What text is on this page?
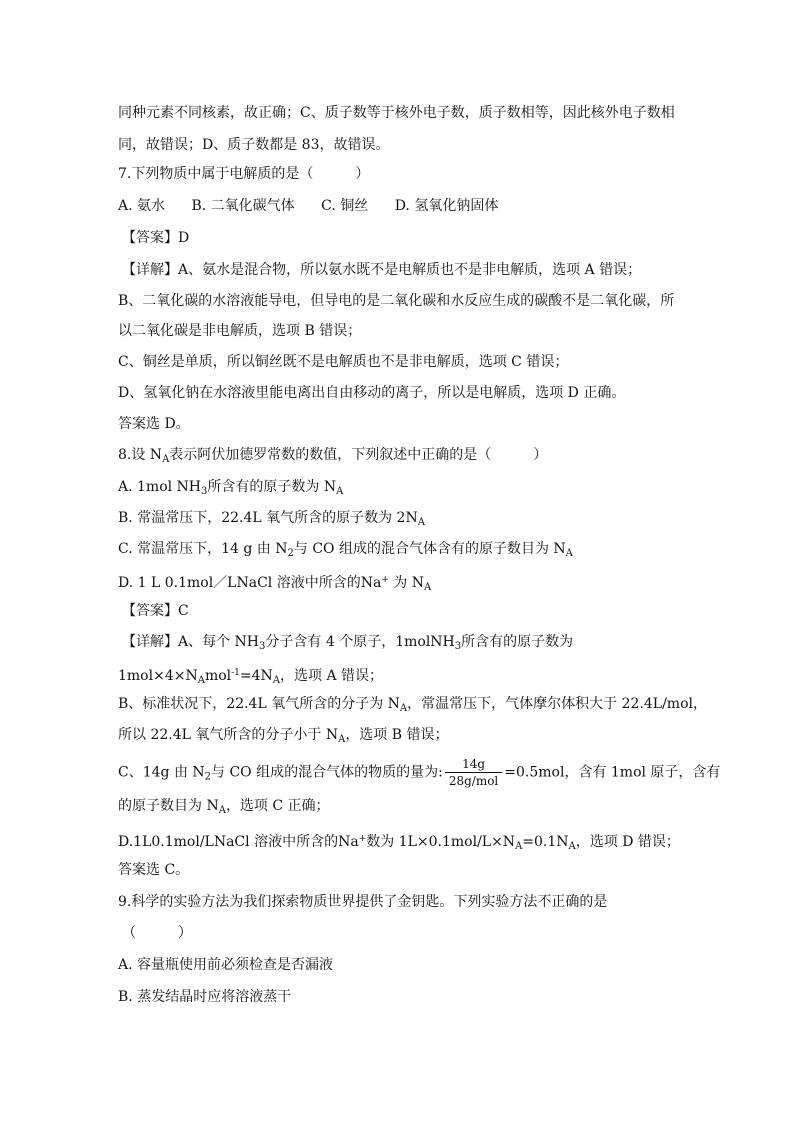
同种元素不同核素，故正确；C、质子数等于核外电子数，质子数相等，因此核外电子数相
同，故错误；D、质子数都是 83，故错误。
7.下列物质中属于电解质的是（　　　）
A. 氨水 B. 二氧化碳气体 C. 铜丝 D. 氢氧化钠固体
【答案】D
【详解】A、氨水是混合物，所以氨水既不是电解质也不是非电解质，选项 A 错误；
B、二氧化碳的水溶液能导电，但导电的是二氧化碳和水反应生成的碳酸不是二氧化碳，所
以二氧化碳是非电解质，选项 B 错误；
C、铜丝是单质，所以铜丝既不是电解质也不是非电解质，选项 C 错误；
D、氢氧化钠在水溶液里能电离出自由移动的离子，所以是电解质，选项 D 正确。
答案选 D。
8.设 $N_A$表示阿伏加德罗常数的数值，下列叙述中正确的是（　　　）
A. 1mol $NH_3$所含有的原子数为 $N_A$
B. 常温常压下，22.4L 氧气所含的原子数为 $2N_A$
C. 常温常压下，14 g 由 $N_2$与 CO 组成的混合气体含有的原子数目为 $N_A$
D. 1 L 0.1mol／LNaCl 溶液中所含的Na+ 为 $N_A$
【答案】C
【详解】A、每个 $NH_3$分子含有 4 个原子，1molNH$_3$所含有的原子数为
$1mol\times 4\times N_Amol^{-1}=4N_A$，选项 A 错误；
B、标准状况下，22.4L 氧气所含的分子为 $N_A$，常温常压下，气体摩尔体积大于 22.4L/mol，
所以 22.4L 氧气所含的分子小于 $N_A$，选项 B 错误；
C、14g 由 $N_2$与 CO 组成的混合气体的物质的量为: $\frac{14g}{\text{28g/mol}} =0.5mol$，含有 1mol 原子，含有
的原子数目为 $N_A$，选项 C 正确；
D.1L0.1mol/LNaCl 溶液中所含的Na+数为 $1L\times 0.1mol/L\times N_A=0.1N_A$，选项 D 错误；
答案选 C。
9.科学的实验方法为我们探索物质世界提供了金钥匙。下列实验方法不正确的是
（　　　）
A. 容量瓶使用前必须检查是否漏液
B. 蒸发结晶时应将溶液蒸干
